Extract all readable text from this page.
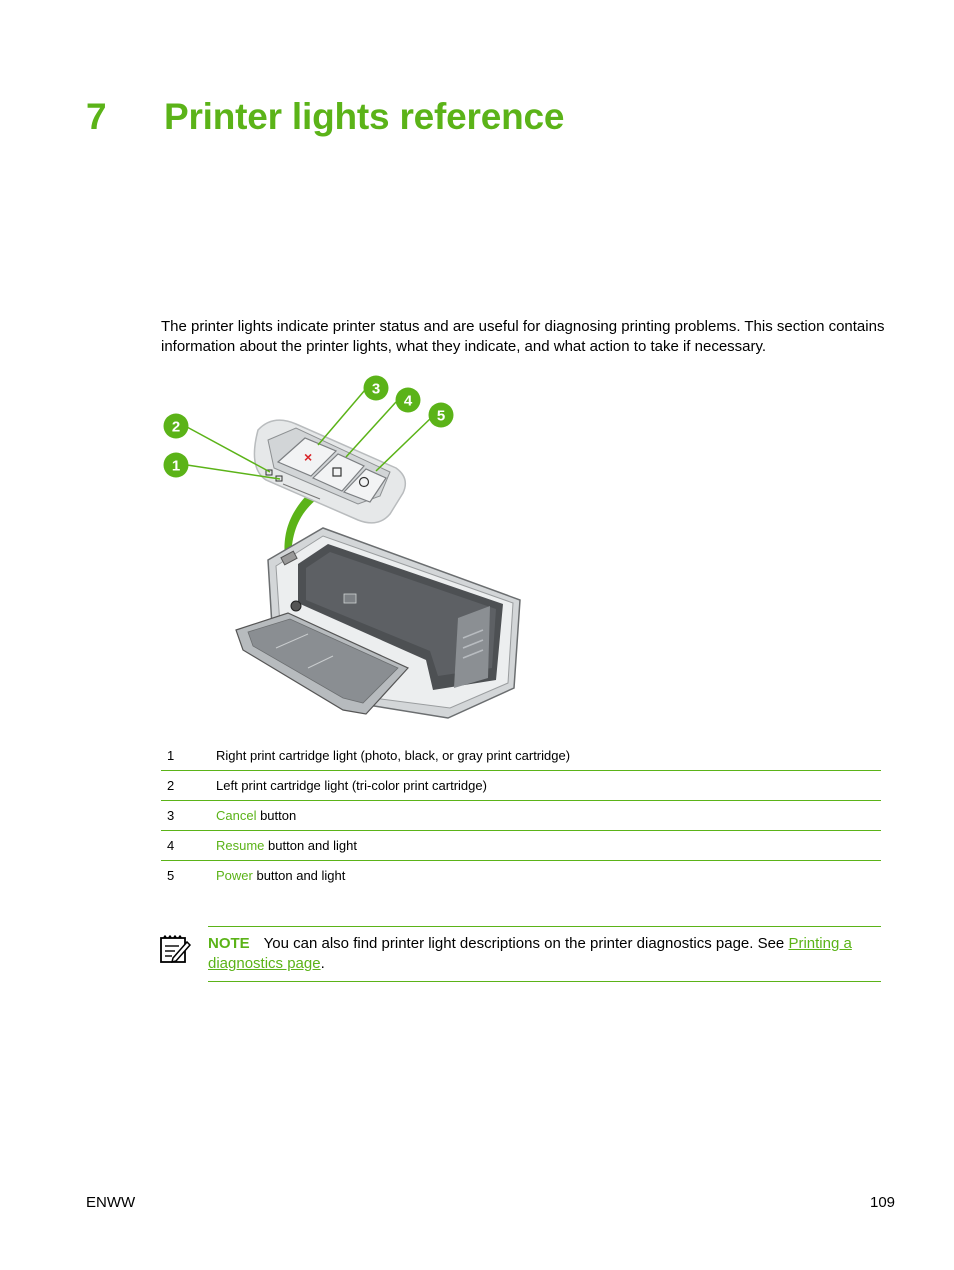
7 Printer lights reference

The printer lights indicate printer status and are useful for diagnosing printing problems. This section contains information about the printer lights, what they indicate, and what action to take if necessary.

×
2
1
3
4
5
1	Right print cartridge light (photo, black, or gray print cartridge)
2	Left print cartridge light (tri-color print cartridge)
3	Cancel button
4	Resume button and light
5	Power button and light
NOTE You can also find printer light descriptions on the printer diagnostics page. See Printing a diagnostics page.
ENWW	109
